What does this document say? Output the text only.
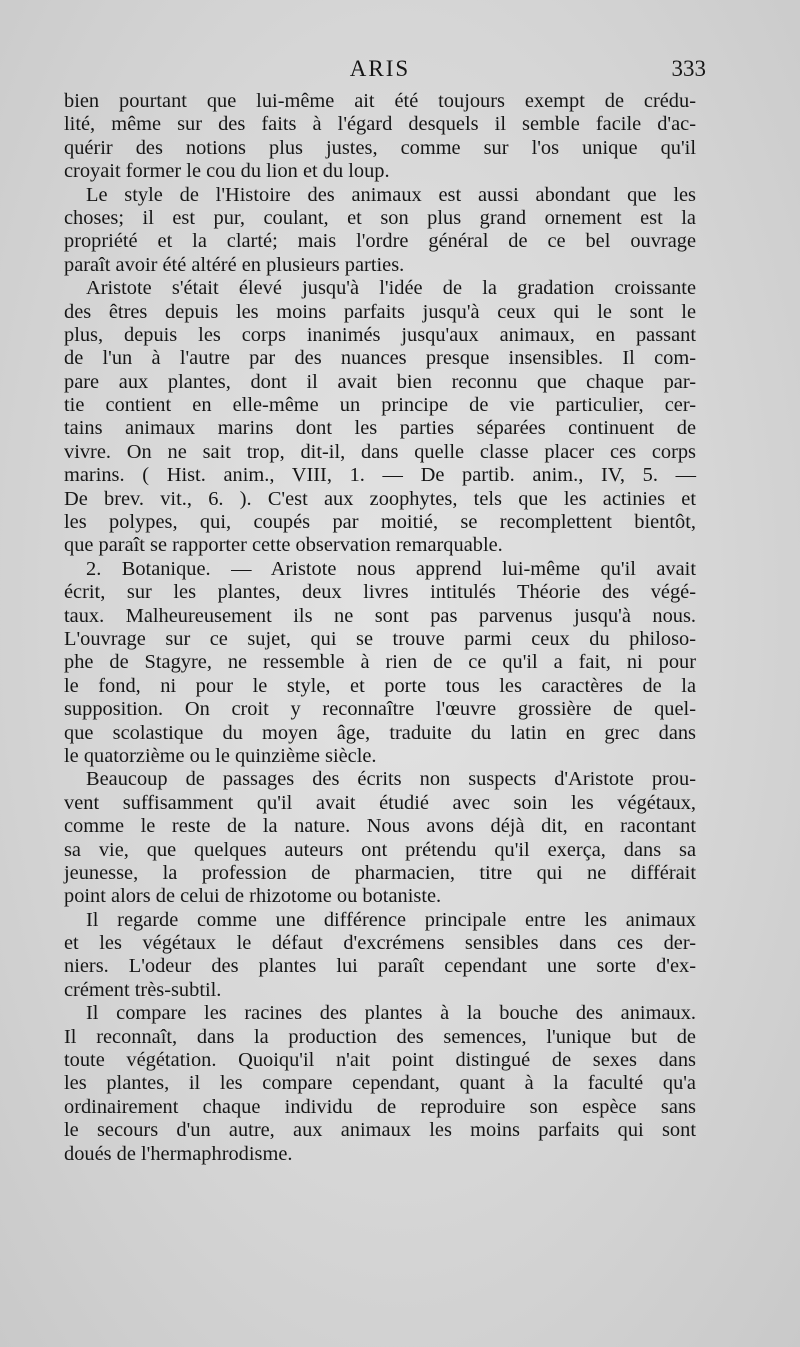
ARIS	333
bien pourtant que lui-même ait été toujours exempt de crédu-
lité, même sur des faits à l'égard desquels il semble facile d'ac-
quérir des notions plus justes, comme sur l'os unique qu'il
croyait former le cou du lion et du loup.
Le style de l'Histoire des animaux est aussi abondant que les
choses; il est pur, coulant, et son plus grand ornement est la
propriété et la clarté; mais l'ordre général de ce bel ouvrage
paraît avoir été altéré en plusieurs parties.
Aristote s'était élevé jusqu'à l'idée de la gradation croissante
des êtres depuis les moins parfaits jusqu'à ceux qui le sont le
plus, depuis les corps inanimés jusqu'aux animaux, en passant
de l'un à l'autre par des nuances presque insensibles. Il com-
pare aux plantes, dont il avait bien reconnu que chaque par-
tie contient en elle-même un principe de vie particulier, cer-
tains animaux marins dont les parties séparées continuent de
vivre. On ne sait trop, dit-il, dans quelle classe placer ces corps
marins. ( Hist. anim., VIII, 1. — De partib. anim., IV, 5. —
De brev. vit., 6. ). C'est aux zoophytes, tels que les actinies et
les polypes, qui, coupés par moitié, se recomplettent bientôt,
que paraît se rapporter cette observation remarquable.
2. Botanique. — Aristote nous apprend lui-même qu'il avait
écrit, sur les plantes, deux livres intitulés Théorie des végé-
taux. Malheureusement ils ne sont pas parvenus jusqu'à nous.
L'ouvrage sur ce sujet, qui se trouve parmi ceux du philoso-
phe de Stagyre, ne ressemble à rien de ce qu'il a fait, ni pour
le fond, ni pour le style, et porte tous les caractères de la
supposition. On croit y reconnaître l'œuvre grossière de quel-
que scolastique du moyen âge, traduite du latin en grec dans
le quatorzième ou le quinzième siècle.
Beaucoup de passages des écrits non suspects d'Aristote prou-
vent suffisamment qu'il avait étudié avec soin les végétaux,
comme le reste de la nature. Nous avons déjà dit, en racontant
sa vie, que quelques auteurs ont prétendu qu'il exerça, dans sa
jeunesse, la profession de pharmacien, titre qui ne différait
point alors de celui de rhizotome ou botaniste.
Il regarde comme une différence principale entre les animaux
et les végétaux le défaut d'excrémens sensibles dans ces der-
niers. L'odeur des plantes lui paraît cependant une sorte d'ex-
crément très-subtil.
Il compare les racines des plantes à la bouche des animaux.
Il reconnaît, dans la production des semences, l'unique but de
toute végétation. Quoiqu'il n'ait point distingué de sexes dans
les plantes, il les compare cependant, quant à la faculté qu'a
ordinairement chaque individu de reproduire son espèce sans
le secours d'un autre, aux animaux les moins parfaits qui sont
doués de l'hermaphrodisme.
